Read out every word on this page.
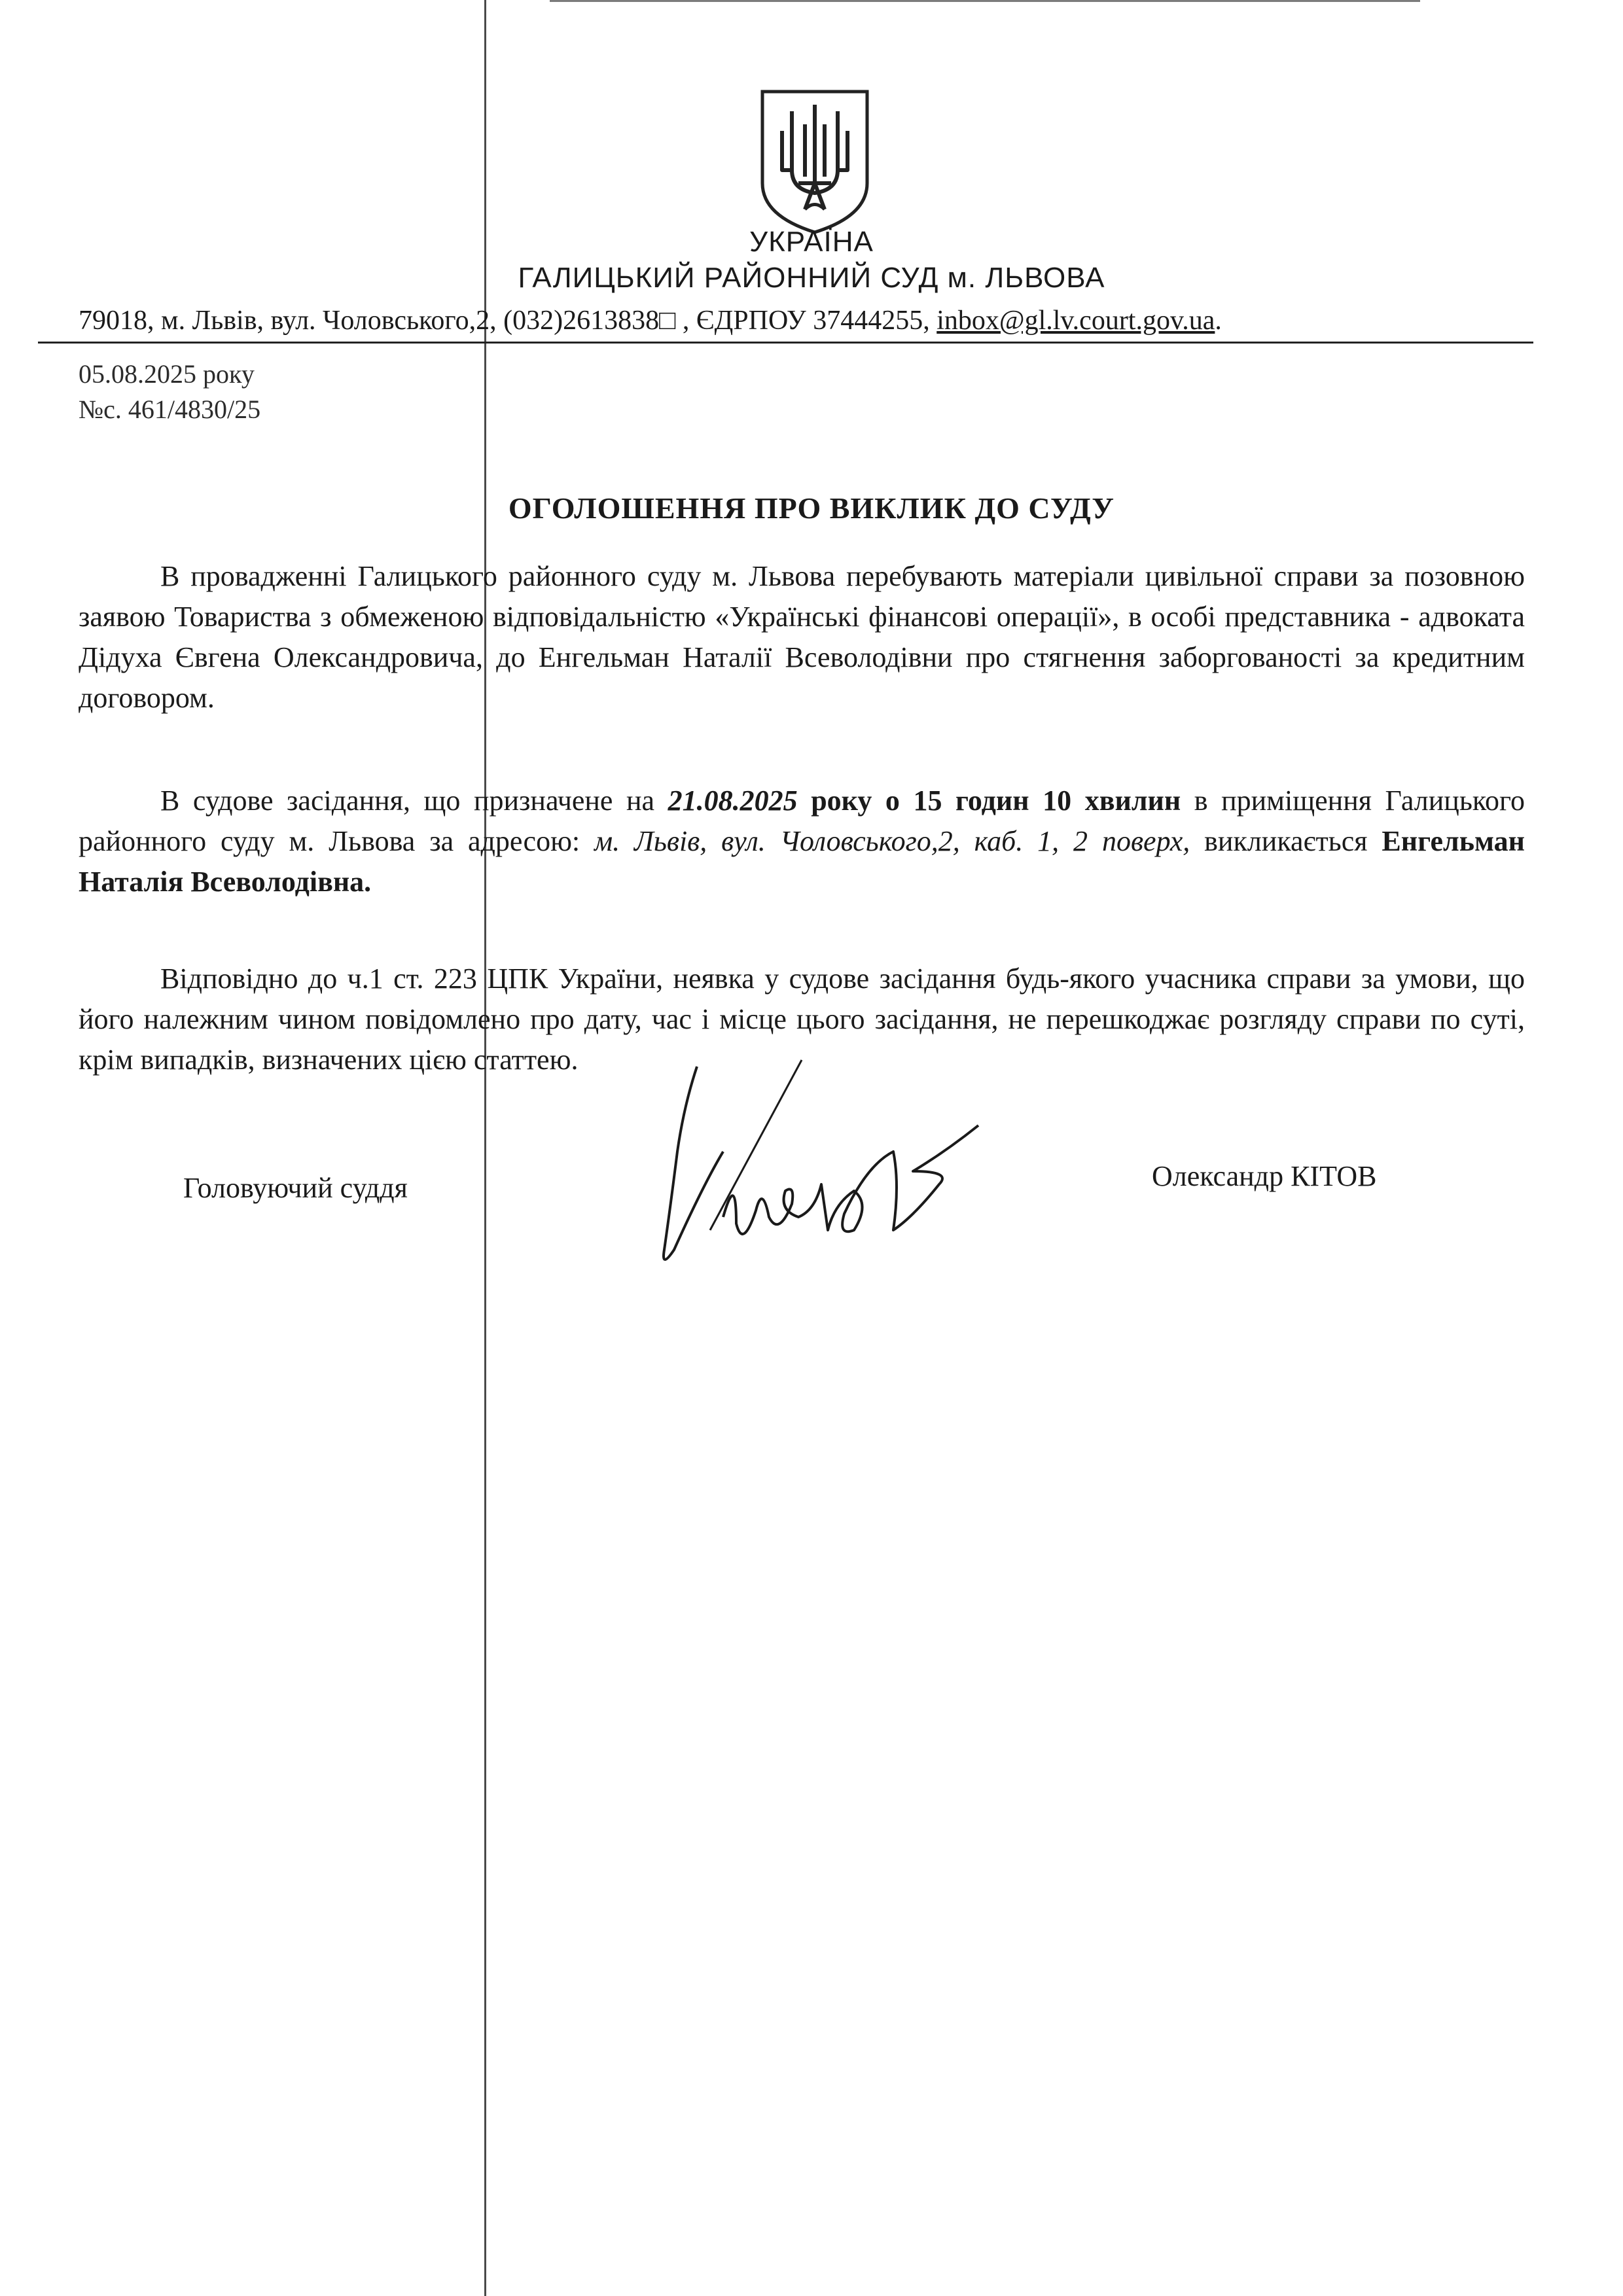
УКРАЇНА
ГАЛИЦЬКИЙ РАЙОННИЙ СУД м. ЛЬВОВА
79018, м. Львів, вул. Чоловського,2, (032)2613838□ , ЄДРПОУ 37444255, inbox@gl.lv.court.gov.ua.
05.08.2025 року
№с. 461/4830/25
ОГОЛОШЕННЯ ПРО ВИКЛИК ДО СУДУ
В провадженні Галицького районного суду м. Львова перебувають матеріали цивільної справи за позовною заявою Товариства з обмеженою відповідальністю «Українські фінансові операції», в особі представника - адвоката Дідуха Євгена Олександровича, до Енгельман Наталії Всеволодівни про стягнення заборгованості за кредитним договором.
В судове засідання, що призначене на 21.08.2025 року о 15 годин 10 хвилин в приміщення Галицького районного суду м. Львова за адресою: м. Львів, вул. Чоловського,2, каб. 1, 2 поверх, викликається Енгельман Наталія Всеволодівна.
Відповідно до ч.1 ст. 223 ЦПК України, неявка у судове засідання будь-якого учасника справи за умови, що його належним чином повідомлено про дату, час і місце цього засідання, не перешкоджає розгляду справи по суті, крім випадків, визначених цією статтею.
Головуючий суддя	Олександр КІТОВ
